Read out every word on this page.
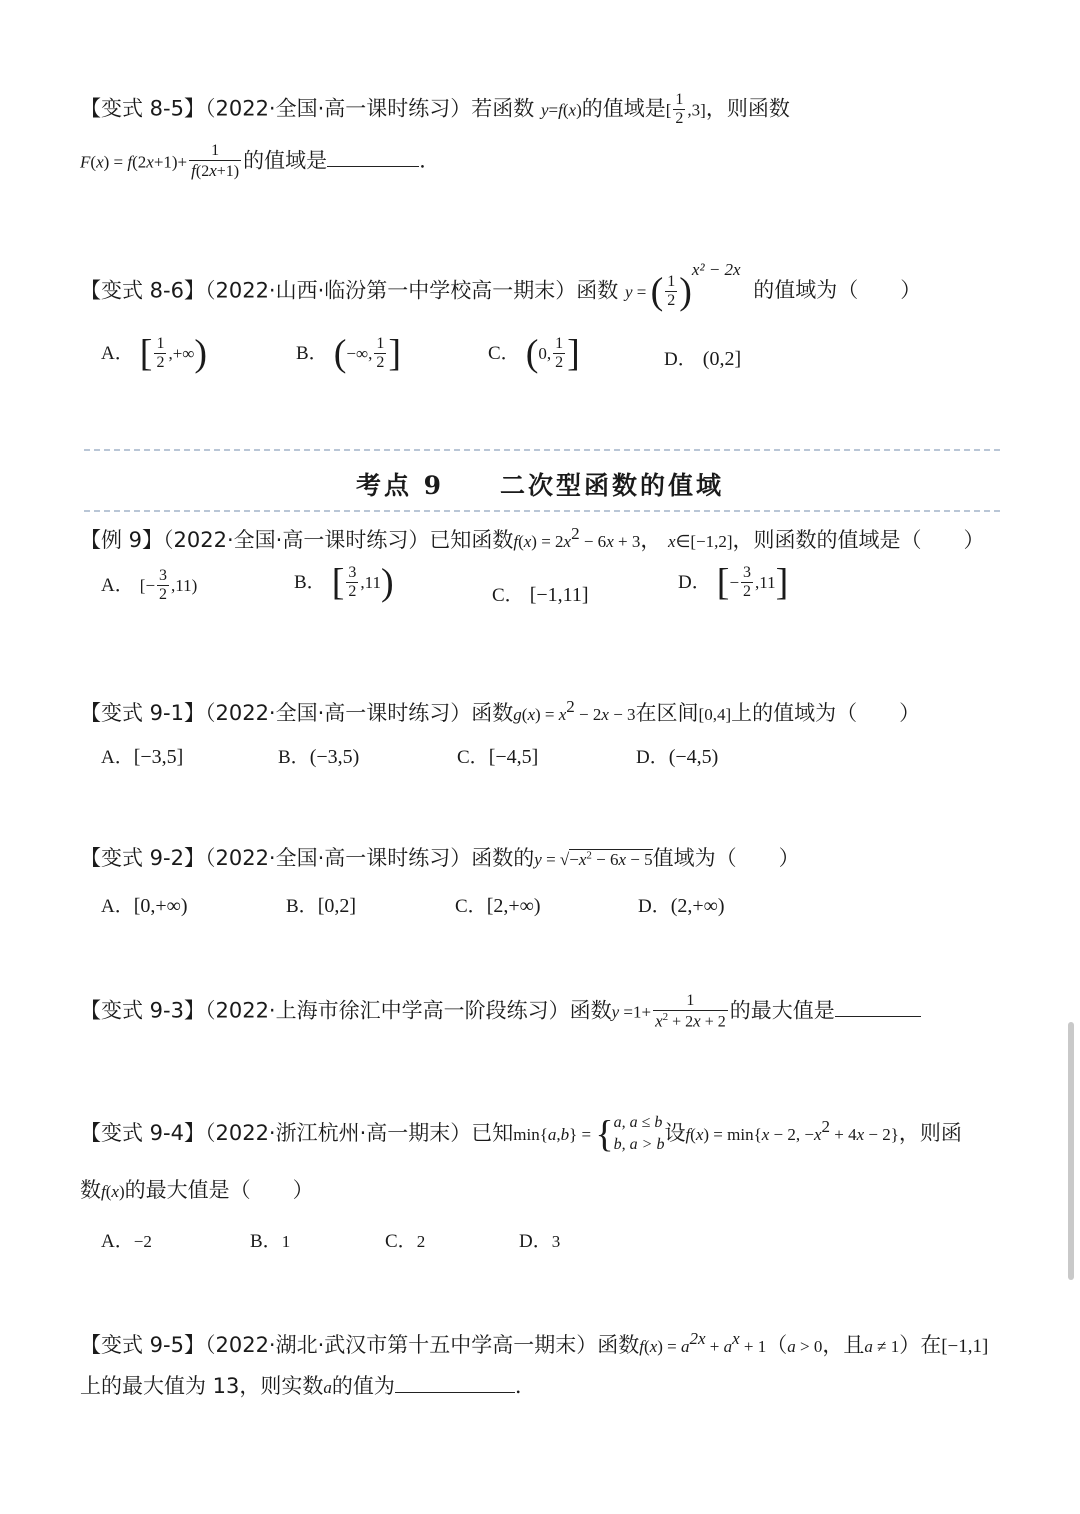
【变式 8-5】（2022·全国·高一课时练习）若函数 y=f(x)的值域是[ $\frac{1}{2} ,3$]，则函数
$F(x) = f(2x+1)+ \frac{1}{f(2x+1)}$ 的值域是	.
【变式 8-6】（2022·山西·临汾第一中学校高一期末）函数 y = ( $\frac{1}{2} )^{x^2 - 2x}$ 的值域为（　　）
A． [ $\frac{1}{2}$ ,+∞)	B． (−∞, $\frac{1}{2}$ ]	C． (0, $\frac{1}{2}$ ]	D． (0,2]
考点 9　　二次型函数的值域
【例 9】（2022·全国·高一课时练习）已知函数$f(x) = 2x^2 - 6x + 3$， x∈[−1,2]，则函数的值域是（　　）
A． [− $\frac{3}{2} ,11$)	B． [ $\frac{3}{2} ,11$)	C． [−1,11]
D． [− $\frac{3}{2} ,11$]
【变式 9-1】（2022·全国·高一课时练习）函数$g(x) = x^2 - 2x - 3$在区间[0,4]上的值域为（　　）
A．[−3,5]	B．(−3,5)	C．[−4,5]	D．(−4,5)
【变式 9-2】（2022·全国·高一课时练习）函数的$y = √-x^2 - 6x - 5$值域为（　　）
A．[0,+∞)	B．[0,2]	C．[2,+∞)	D．(2,+∞)
【变式 9-3】（2022·上海市徐汇中学高一阶段练习）函数$y =1+ \frac{1}{x^2 + 2x + 2}$ 的最大值是
【变式 9-4】（2022·浙江杭州·高一期末）已知min{a,b} = { a, a ≤ b
b, a > b 设f(x) = min{x − 2, $-x^2 + 4x - 2$}，则函
数f(x)的最大值是（　　）
A．−2	B．1	C．2	D．3
【变式 9-5】（2022·湖北·武汉市第十五中学高一期末）函数$f(x) = a^{2x} + a^x + 1(a > 0$，且a ≠ 1）在[−1,1]
上的最大值为 13，则实数a的值为	.
